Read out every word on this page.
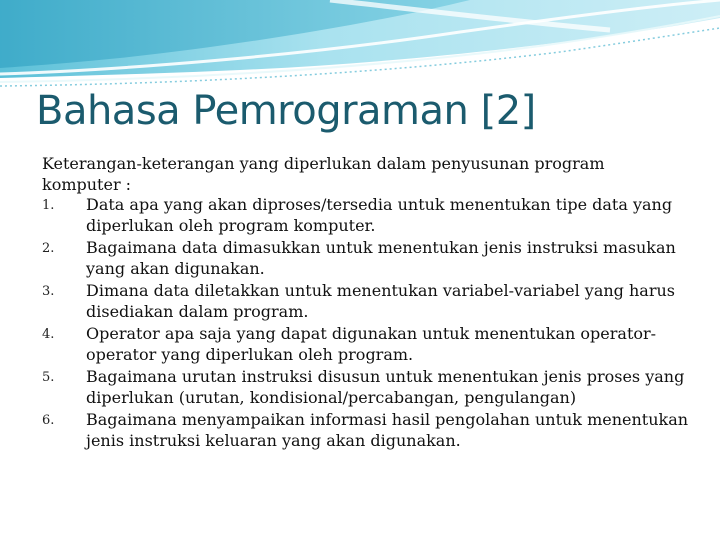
Bahasa Pemrograman [2]

Keterangan-keterangan yang diperlukan dalam penyusunan program komputer :

1.	Data apa yang akan diproses/tersedia untuk menentukan tipe data yang diperlukan oleh program komputer.
2.	Bagaimana data dimasukkan untuk menentukan jenis instruksi masukan yang akan digunakan.
3.	Dimana data diletakkan untuk menentukan variabel-variabel yang harus disediakan dalam program.
4.	Operator apa saja yang dapat digunakan untuk menentukan operator-operator yang diperlukan oleh program.
5.	Bagaimana urutan instruksi disusun untuk menentukan jenis proses yang diperlukan (urutan, kondisional/percabangan, pengulangan)
6.	Bagaimana menyampaikan informasi hasil pengolahan untuk menentukan jenis instruksi keluaran yang akan digunakan.
